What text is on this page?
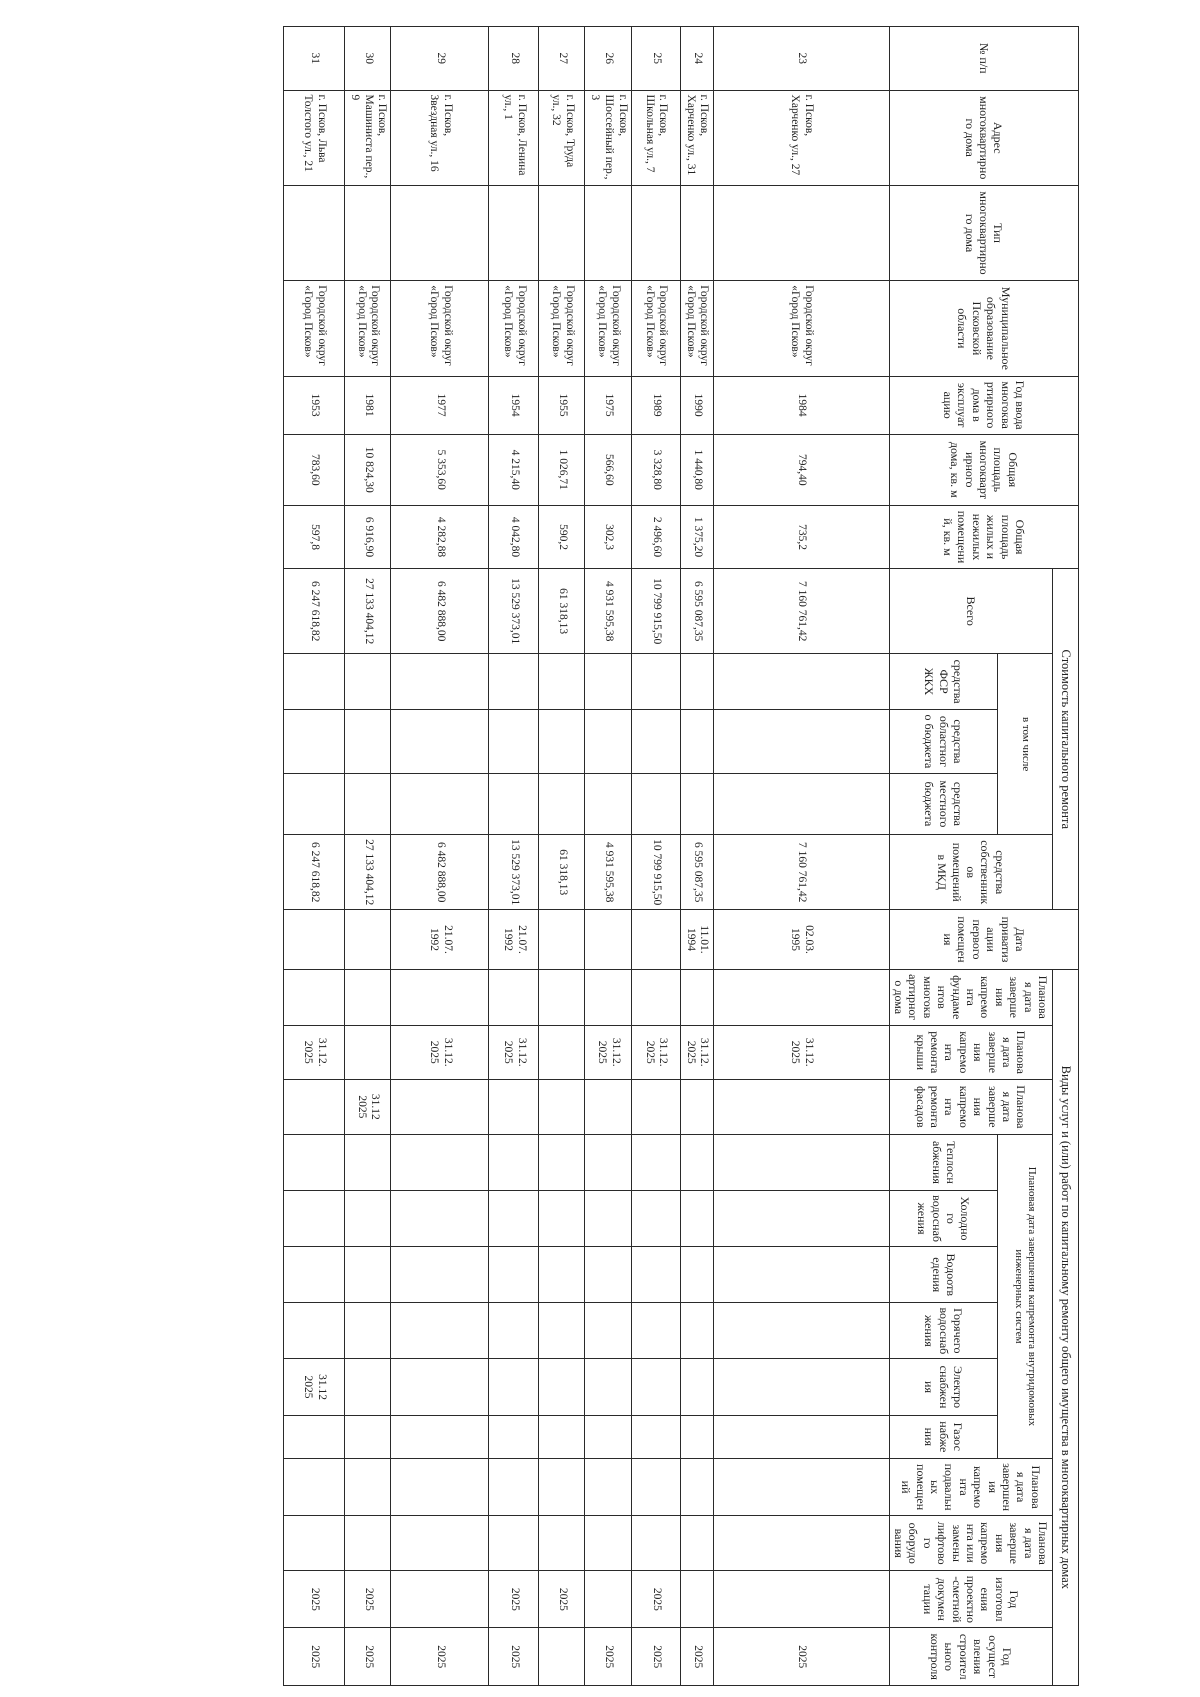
№ п/п	Адрес многоквартирного дома	Тип многоквартирного дома	Муниципальное образование Псковской области	Год ввода многоквартирного дома в эксплуатацию	Общая площадь многоквартирного дома, кв. м	Общая площадь жилых и нежилых помещений, кв. м	Стоимость капитального ремонта					Дата приватизации первого помещения	Виды услуг и (или) работ по капитальному ремонту общего имущества в многоквартирных домах												
							Всего	в том числе			средства собственников помещений в МКД		Плановая дата завершения капремонта фундаментов многоквартирного дома	Плановая дата завершения капремонта ремонта крыши	Плановая дата завершения капремонта ремонта фасадов	Плановая дата завершения капремонта внутридомовых инженерных систем						Плановая дата завершения капремонта подвальных помещений	Плановая дата завершения капремонта или замены лифтового оборудования	Год изготовления проектно-сметной документации	Год осуществления строительного контроля
								средства ФСР ЖКХ	средства областного бюджета	средства местного бюджета						Теплоснабжения	Холодного водоснабжения	Водоотведения	Горячего водоснабжения	Электроснабжения	Газоснабжения				
23	г. Псков, Харченко ул., 27		Городской округ «Город Псков»	1984	794,40	735,2	7 160 761,42				7 160 761,42	02.03. 1995		31.12. 2025											2025
24	г. Псков, Харченко ул., 31		Городской округ «Город Псков»	1990	1 440,80	1 375,20	6 595 087,35				6 595 087,35	11.01. 1994		31.12. 2025											2025
25	г. Псков, Школьная ул., 7		Городской округ «Город Псков»	1989	3 328,80	2 496,60	10 799 915,50				10 799 915,50			31.12. 2025										2025	2025
26	г. Псков, Шоссейный пер., 3		Городской округ «Город Псков»	1975	566,60	302,3	4 931 595,38				4 931 595,38			31.12. 2025											2025
27	г. Псков, Труда ул., 32		Городской округ «Город Псков»	1955	1 026,71	590,2	61 318,13				61 318,13													2025	
28	г. Псков, Ленина ул., 1		Городской округ «Город Псков»	1954	4 215,40	4 042,80	13 529 373,01				13 529 373,01	21.07. 1992		31.12. 2025										2025	2025
29	г. Псков, Звездная ул., 16		Городской округ «Город Псков»	1977	5 353,60	4 282,88	6 482 888,00				6 482 888,00	21.07. 1992		31.12. 2025											2025
30	г. Псков, Машиниста пер., 9		Городской округ «Город Псков»	1981	10 824,30	6 916,90	27 133 404,12				27 133 404,12				31.12 2025									2025	2025
31	г. Псков, Льва Толстого ул., 21		Городской округ «Город Псков»	1953	783,60	597,8	6 247 618,82				6 247 618,82			31.12. 2025						31.12 2025				2025	2025
